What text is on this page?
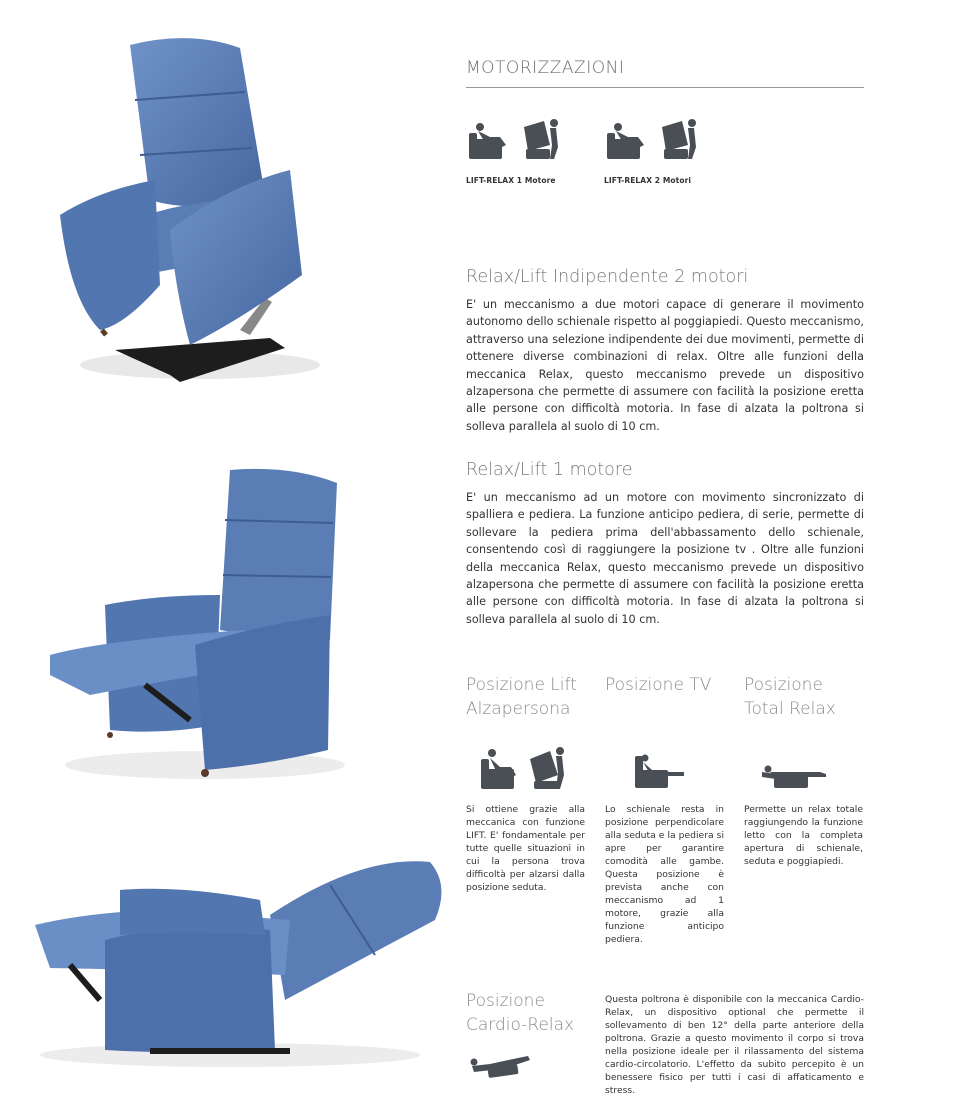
MOTORIZZAZIONI
LIFT-RELAX 1 Motore	LIFT-RELAX 2 Motori
Relax/Lift Indipendente 2 motori
E' un meccanismo a due motori capace di generare il movimento autonomo dello schienale rispetto al poggiapiedi. Questo meccanismo, attraverso una selezione indipendente dei due movimenti, permette di ottenere diverse combinazioni di relax. Oltre alle funzioni della meccanica Relax, questo meccanismo prevede un dispositivo alzapersona che permette di assumere con facilità la posizione eretta alle persone con difficoltà motoria. In fase di alzata la poltrona si solleva parallela al suolo di 10 cm.
Relax/Lift 1 motore
E' un meccanismo ad un motore con movimento sincronizzato di spalliera e pediera. La funzione anticipo pediera, di serie, permette di sollevare la pediera prima dell'abbassamento dello schienale, consentendo così di raggiungere la posizione tv . Oltre alle funzioni della meccanica Relax, questo meccanismo prevede un dispositivo alzapersona che permette di assumere con facilità la posizione eretta alle persone con difficoltà motoria. In fase di alzata la poltrona si solleva parallela al suolo di 10 cm.
Posizione Lift
Alzapersona
Posizione TV	Posizione
Total Relax
Si ottiene grazie alla meccanica con funzione LIFT. E' fondamentale per tutte quelle situazioni in cui la persona trova difficoltà per alzarsi dalla posizione seduta.
Lo schienale resta in posizione perpendicolare alla seduta e la pediera si apre per garantire comodità alle gambe. Questa posizione è prevista anche con meccanismo ad 1 motore, grazie alla funzione anticipo pediera.
Permette un relax totale raggiungendo la funzione letto con la completa apertura di schienale, seduta e poggiapiedi.
Posizione
Cardio-Relax
Questa poltrona è disponibile con la meccanica Cardio-Relax, un dispositivo optional che permette il sollevamento di ben 12° della parte anteriore della poltrona. Grazie a questo movimento il corpo si trova nella posizione ideale per il rilassamento del sistema cardio-circolatorio. L'effetto da subito percepito è un benessere fisico per tutti i casi di affaticamento e stress.
